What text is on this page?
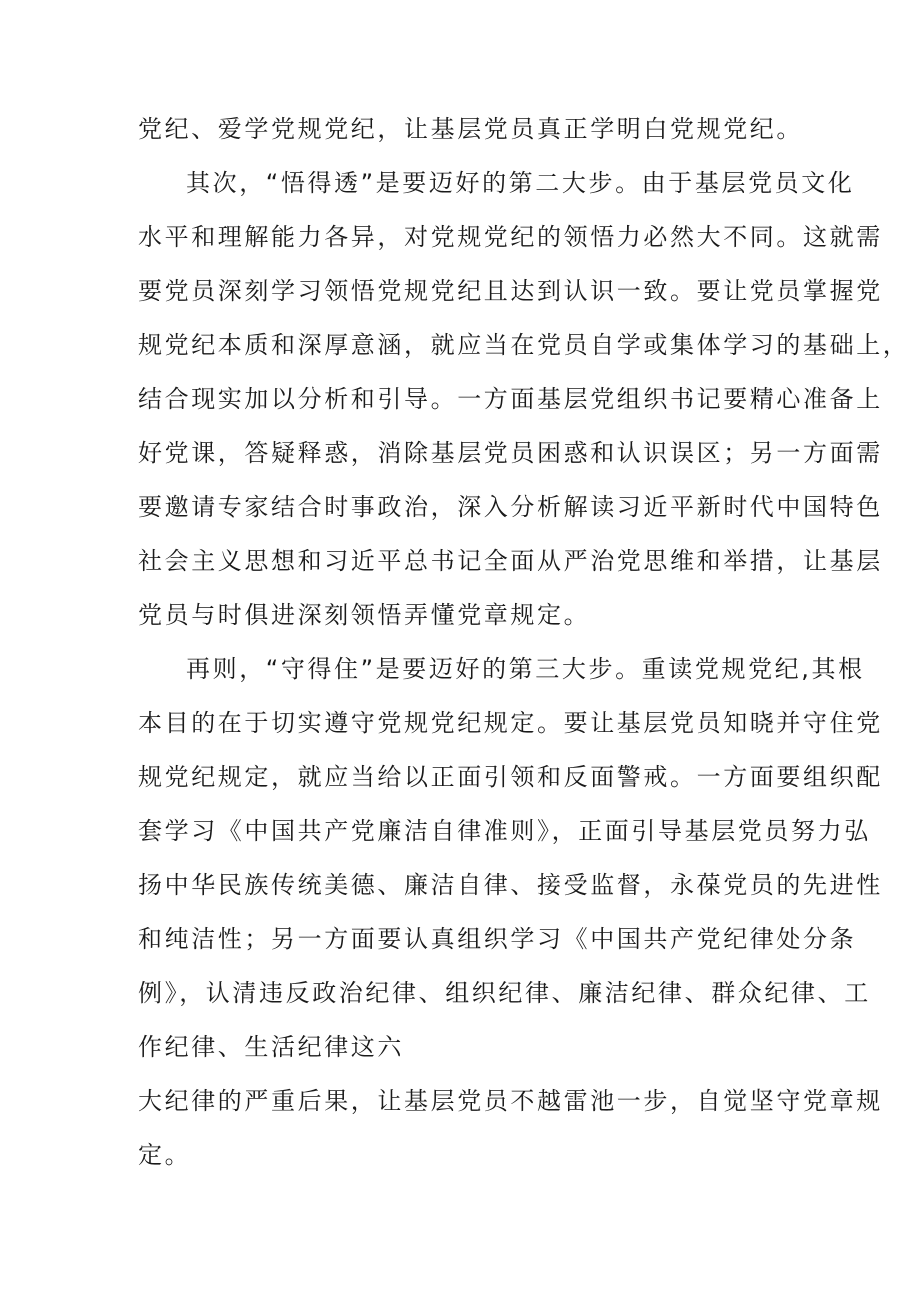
党纪、爱学党规党纪，让基层党员真正学明白党规党纪。

其次，“悟得透”是要迈好的第二大步。由于基层党员文化

水平和理解能力各异，对党规党纪的领悟力必然大不同。这就需

要党员深刻学习领悟党规党纪且达到认识一致。要让党员掌握党

规党纪本质和深厚意涵，就应当在党员自学或集体学习的基础上，

结合现实加以分析和引导。一方面基层党组织书记要精心准备上

好党课，答疑释惑，消除基层党员困惑和认识误区；另一方面需

要邀请专家结合时事政治，深入分析解读习近平新时代中国特色

社会主义思想和习近平总书记全面从严治党思维和举措，让基层

党员与时俱进深刻领悟弄懂党章规定。

再则，“守得住”是要迈好的第三大步。重读党规党纪,其根

本目的在于切实遵守党规党纪规定。要让基层党员知晓并守住党

规党纪规定，就应当给以正面引领和反面警戒。一方面要组织配

套学习《中国共产党廉洁自律准则》，正面引导基层党员努力弘

扬中华民族传统美德、廉洁自律、接受监督，永葆党员的先进性

和纯洁性；另一方面要认真组织学习《中国共产党纪律处分条

例》，认清违反政治纪律、组织纪律、廉洁纪律、群众纪律、工

作纪律、生活纪律这六

大纪律的严重后果，让基层党员不越雷池一步，自觉坚守党章规

定。
